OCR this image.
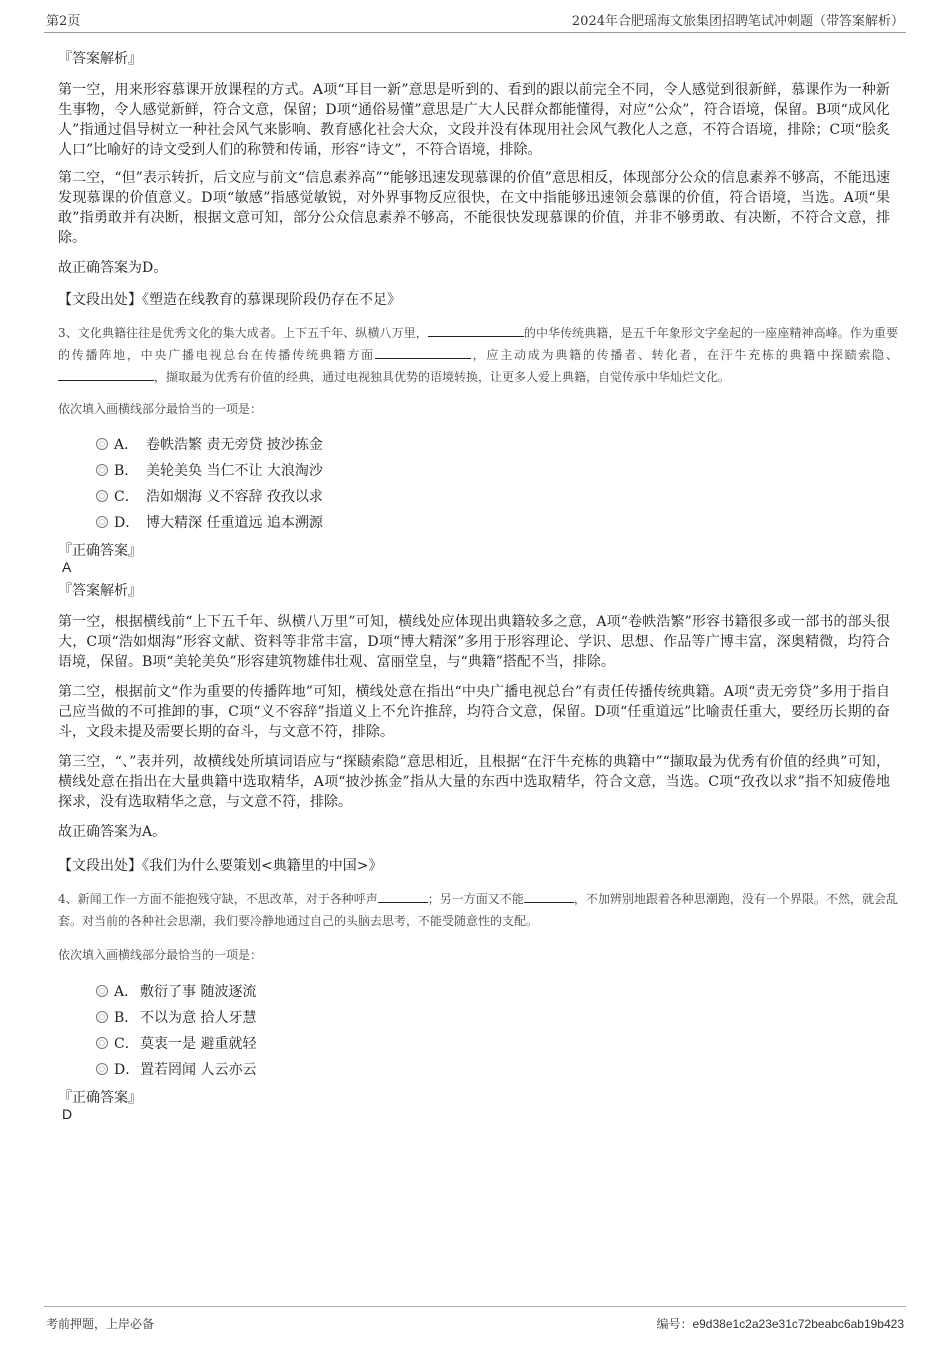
第2页	2024年合肥瑶海文旅集团招聘笔试冲刺题（带答案解析）
『答案解析』
第一空，用来形容慕课开放课程的方式。A项“耳目一新”意思是听到的、看到的跟以前完全不同，令人感觉到很新鲜，慕课作为一种新生事物，令人感觉新鲜，符合文意，保留；D项“通俗易懂”意思是广大人民群众都能懂得，对应“公众”，符合语境，保留。B项“成风化人”指通过倡导树立一种社会风气来影响、教育感化社会大众，文段并没有体现用社会风气教化人之意，不符合语境，排除；C项“脍炙人口”比喻好的诗文受到人们的称赞和传诵，形容“诗文”，不符合语境，排除。
第二空，“但”表示转折，后文应与前文“信息素养高”“能够迅速发现慕课的价值”意思相反，体现部分公众的信息素养不够高，不能迅速发现慕课的价值意义。D项“敏感”指感觉敏锐，对外界事物反应很快，在文中指能够迅速领会慕课的价值，符合语境，当选。A项“果敢”指勇敢并有决断，根据文意可知，部分公众信息素养不够高，不能很快发现慕课的价值，并非不够勇敢、有决断，不符合文意，排除。
故正确答案为D。
【文段出处】《塑造在线教育的慕课现阶段仍存在不足》
3、文化典籍往往是优秀文化的集大成者。上下五千年、纵横八万里，	的中华传统典籍，是五千年象形文字垒起的一座座精神高峰。作为重要的传播阵地，中央广播电视总台在传播传统典籍方面	，应主动成为典籍的传播者、转化者，在汗牛充栋的典籍中探赜索隐、，撷取最为优秀有价值的经典，通过电视独具优势的语境转换，让更多人爱上典籍，自觉传承中华灿烂文化。
依次填入画横线部分最恰当的一项是：
A． 卷帙浩繁 责无旁贷 披沙拣金
B． 美轮美奂 当仁不让 大浪淘沙
C． 浩如烟海 义不容辞 孜孜以求
D． 博大精深 任重道远 追本溯源
『正确答案』
A
『答案解析』
第一空，根据横线前“上下五千年、纵横八万里”可知，横线处应体现出典籍较多之意，A项“卷帙浩繁”形容书籍很多或一部书的部头很大，C项“浩如烟海”形容文献、资料等非常丰富，D项“博大精深”多用于形容理论、学识、思想、作品等广博丰富，深奥精微，均符合语境，保留。B项“美轮美奂”形容建筑物雄伟壮观、富丽堂皇，与“典籍”搭配不当，排除。
第二空，根据前文“作为重要的传播阵地”可知，横线处意在指出“中央广播电视总台”有责任传播传统典籍。A项“责无旁贷”多用于指自己应当做的不可推卸的事，C项“义不容辞”指道义上不允许推辞，均符合文意，保留。D项“任重道远”比喻责任重大，要经历长期的奋斗，文段未提及需要长期的奋斗，与文意不符，排除。
第三空，“、”表并列，故横线处所填词语应与“探赜索隐”意思相近，且根据“在汗牛充栋的典籍中”“撷取最为优秀有价值的经典”可知，横线处意在指出在大量典籍中选取精华，A项“披沙拣金”指从大量的东西中选取精华，符合文意，当选。C项“孜孜以求”指不知疲倦地探求，没有选取精华之意，与文意不符，排除。
故正确答案为A。
【文段出处】《我们为什么要策划<典籍里的中国>》
4、新闻工作一方面不能抱残守缺，不思改革，对于各种呼声	；另一方面又不能	，不加辨别地跟着各种思潮跑，没有一个界限。不然，就会乱套。对当前的各种社会思潮，我们要冷静地通过自己的头脑去思考，不能受随意性的支配。
依次填入画横线部分最恰当的一项是：
A． 敷衍了事 随波逐流
B． 不以为意 拾人牙慧
C． 莫衷一是 避重就轻
D． 置若罔闻 人云亦云
『正确答案』
D
考前押题，上岸必备	编号：e9d38e1c2a23e31c72beabc6ab19b423
